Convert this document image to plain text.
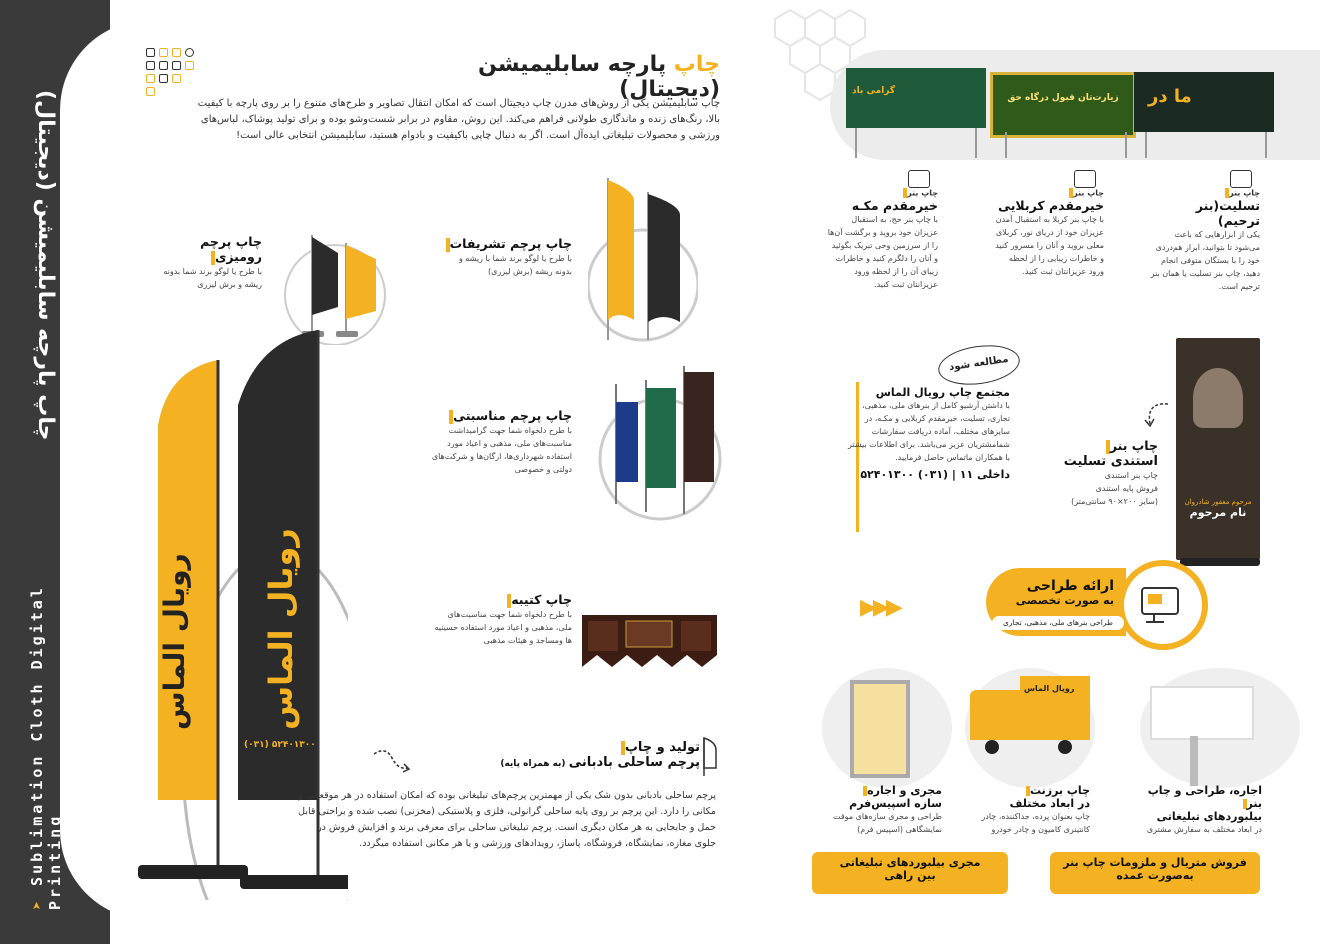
چاپ پارچه سابلیمیشن (دیجیتال)
➤ Sublimation Cloth Digital Printing
چاپ پارچه سابلیمیشن (دیجیتال)
چاپ سابلیمیشن یکی از روش‌های مدرن چاپ دیجیتال است که امکان انتقال تصاویر و طرح‌های متنوع را بر روی پارچه با کیفیت بالا، رنگ‌های زنده و ماندگاری طولانی فراهم می‌کند. این روش، مقاوم در برابر شست‌وشو بوده و برای تولید پوشاک، لباس‌های ورزشی و محصولات تبلیغاتی ایده‌آل است. اگر به دنبال چاپی باکیفیت و بادوام هستید، سابلیمیشن انتخابی عالی است!
چاپ پرچم رومیزی
با طرح یا لوگو برند شما بدونه ریشه و برش لیزری
چاپ پرچم تشریفات
با طرح یا لوگو برند شما با ریشه و بدونه ریشه (برش لیزری)
چاپ پرچم مناسبتی
با طرح دلخواه شما جهت گرامیداشت مناسبت‌های ملی، مذهبی و اعیاد مورد استفاده شهرداری‌ها، ارگان‌ها و شرکت‌های دولتی و خصوصی
چاپ کتیبه
با طرح دلخواه شما جهت مناسبت‌های ملی، مذهبی و اعیاد مورد استفاده حسینیه ها ومساجد و هیئات مذهبی
رویال الماس	رویال الماس
(۰۳۱) ۵۲۴۰۱۳۰۰	تولید و چاپ
پرچم ساحلی بادبانی (به همراه پایه)
پرچم ساحلی بادبانی بدون شک یکی از مهمترین پرچم‌های تبلیغاتی بوده که امکان استفاده در هر موقعیتی و مکانی را دارد. این پرچم بر روی پایه ساحلی گرانولی، فلزی و پلاستیکی (مخزنی) نصب شده و براحتی قابل حمل و جابجایی به هر مکان دیگری است. پرچم تبلیغاتی ساحلی برای معرفی برند و افزایش فروش در جلوی مغازه، نمایشگاه، فروشگاه، پاساژ، رویدادهای ورزشی و یا هر مکانی استفاده میگردد.
گرامی باد
زیارت‌تان قبول درگاه حق	ما در
چاپ بنر
تسلیت(بنر ترحیم)
یکی از ابزارهایی که باعث می‌شود تا بتوانید، ابراز هم‌دردی خود را با بستگان متوفی انجام دهید، چاپ بنر تسلیت یا همان بنر ترحیم است.
چاپ بنر
خیرمقدم کربلایی
با چاپ بنر کربلا به استقبال آمدن عزیزان خود از دریای نور، کربلای معلی بروید و آنان را مسرور کنید و خاطرات زیبایی را از لحظه ورود عزیزانتان ثبت کنید.
چاپ بنر
خیرمقدم مکـه
با چاپ بنر حج، به استقبال عزیزان خود بروید و برگشت آن‌ها را از سرزمین وحی تبریک بگوئید و آنان را دلگرم کنید و خاطرات زیبای آن را از لحظه ورود عزیزانتان ثبت کنید.
مطالعه شود
مجتمع چاپ رویال الماس
با داشتن آرشیو کامل از بنرهای ملی، مذهبی، تجاری، تسلیت، خیرمقدم کربلایی و مکـه، در سایزهای مختلف، آماده دریافت سفارشات شمامشتریان عزیز می‌باشد. برای اطلاعات بیشتر با همکاران ماتماس حاصل فرمایید.
داخلی ۱۱ | (۰۳۱) ۵۲۴۰۱۳۰۰
چاپ بنر
استندی تسلیت
چاپ بنر استندی
فروش پایه استندی
(سایز ۲۰۰×۹۰ سانتی‌متر)	مرحوم مغفور شادروان
نام مرحوم
ارائه طراحی
به صورت تخصصی
طراحی بنرهای ملی، مذهبی، تجاری
▶▶▶
رویال الماس
اجاره، طراحی و چاپ بنر
بیلبوردهای تبلیغاتی
در ابعاد مختلف به سفارش مشتری
چاپ برزنت
در ابعاد مختلف
چاپ بعنوان پرده، جداکننده، چادر کانتینری کامیون و چادر خودرو
مجری و اجاره
سازه اسپیس‌فرم
طراحی و مجری سازه‌های موقت نمایشگاهی (اسپیس فرم)
فروش متریال و ملزومات چاپ بنر
به‌صورت عمده
مجری بیلبوردهای تبلیغاتی
بین راهی
